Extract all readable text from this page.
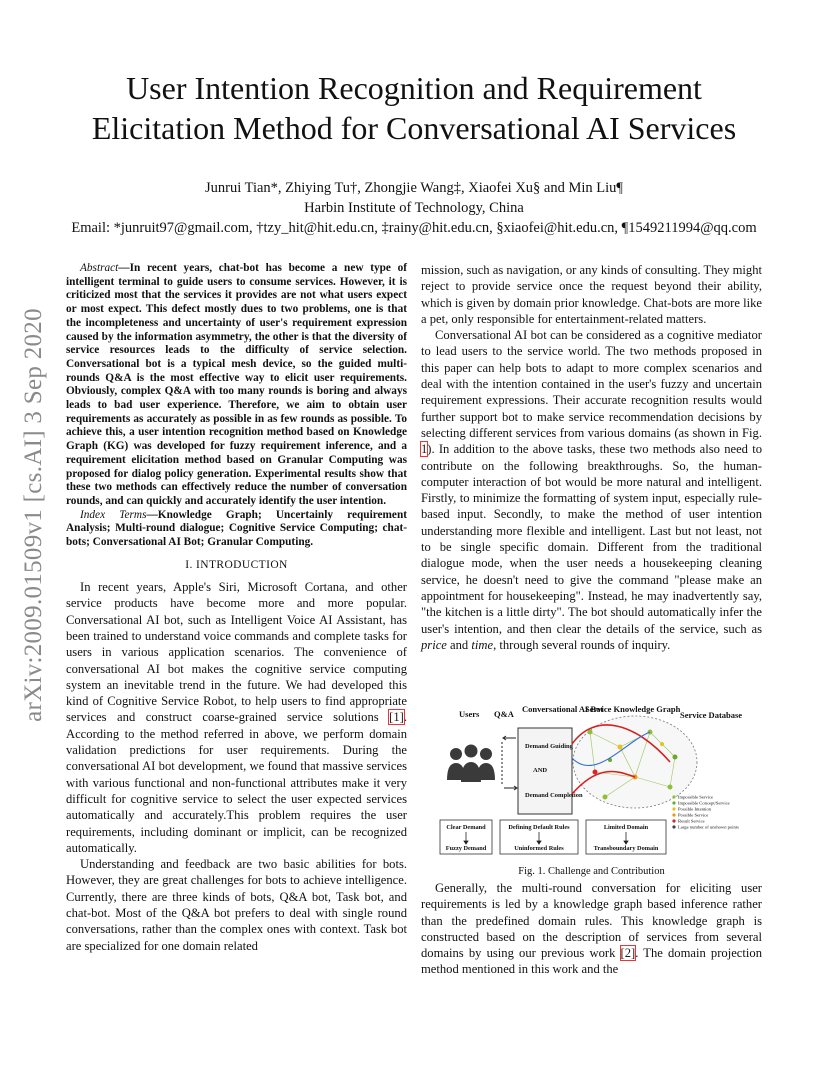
arXiv:2009.01509v1 [cs.AI] 3 Sep 2020
User Intention Recognition and Requirement
Elicitation Method for Conversational AI Services
Junrui Tian*, Zhiying Tu†, Zhongjie Wang‡, Xiaofei Xu§ and Min Liu¶
Harbin Institute of Technology, China
Email: *junruit97@gmail.com, †tzy_hit@hit.edu.cn, ‡rainy@hit.edu.cn, §xiaofei@hit.edu.cn, ¶1549211994@qq.com

Abstract—In recent years, chat-bot has become a new type of intelligent terminal to guide users to consume services. However, it is criticized most that the services it provides are not what users expect or most expect. This defect mostly dues to two problems, one is that the incompleteness and uncertainty of user's requirement expression caused by the information asymmetry, the other is that the diversity of service resources leads to the difficulty of service selection. Conversational bot is a typical mesh device, so the guided multi-rounds Q&A is the most effective way to elicit user requirements. Obviously, complex Q&A with too many rounds is boring and always leads to bad user experience. Therefore, we aim to obtain user requirements as accurately as possible in as few rounds as possible. To achieve this, a user intention recognition method based on Knowledge Graph (KG) was developed for fuzzy requirement inference, and a requirement elicitation method based on Granular Computing was proposed for dialog policy generation. Experimental results show that these two methods can effectively reduce the number of conversation rounds, and can quickly and accurately identify the user intention.

Index Terms—Knowledge Graph; Uncertainly requirement Analysis; Multi-round dialogue; Cognitive Service Computing; chat-bots; Conversational AI Bot; Granular Computing.

I. INTRODUCTION

In recent years, Apple's Siri, Microsoft Cortana, and other service products have become more and more popular. Conversational AI bot, such as Intelligent Voice AI Assistant, has been trained to understand voice commands and complete tasks for users in various application scenarios. The convenience of conversational AI bot makes the cognitive service computing system an inevitable trend in the future. We had developed this kind of Cognitive Service Robot, to help users to find appropriate services and construct coarse-grained service solutions [1]. According to the method referred in above, we perform domain validation predictions for user requirements. During the conversational AI bot development, we found that massive services with various functional and non-functional attributes make it very difficult for cognitive service to select the user expected services automatically and accurately.This problem requires the user requirements, including dominant or implicit, can be recognized automatically.

Understanding and feedback are two basic abilities for bots. However, they are great challenges for bots to achieve intelligence. Currently, there are three kinds of bots, Q&A bot, Task bot, and chat-bot. Most of the Q&A bot prefers to deal with single round conversations, rather than the complex ones with context. Task bot are specialized for one domain related

mission, such as navigation, or any kinds of consulting. They might reject to provide service once the request beyond their ability, which is given by domain prior knowledge. Chat-bots are more like a pet, only responsible for entertainment-related matters.

Conversational AI bot can be considered as a cognitive mediator to lead users to the service world. The two methods proposed in this paper can help bots to adapt to more complex scenarios and deal with the intention contained in the user's fuzzy and uncertain requirement expressions. Their accurate recognition results would further support bot to make service recommendation decisions by selecting different services from various domains (as shown in Fig. 1). In addition to the above tasks, these two methods also need to contribute on the following breakthroughs. So, the human-computer interaction of bot would be more natural and intelligent. Firstly, to minimize the formatting of system input, especially rule-based input. Secondly, to make the method of user intention understanding more flexible and intelligent. Last but not least, not to be single specific domain. Different from the traditional dialogue mode, when the user needs a housekeeping cleaning service, he doesn't need to give the command "please make an appointment for housekeeping". Instead, he may inadvertently say, "the kitchen is a little dirty". The bot should automatically infer the user's intention, and then clear the details of the service, such as price and time, through several rounds of inquiry.

Users Q&A Conversational AI Bot
Service Knowledge Graph
Service Database
Demand Guiding
AND
Demand Completion	Impossible Service
Impossible Concept/Service
Possible Intention
Possible Service
Result Service
Large number of unshown points
Clear Demand
Fuzzy Demand
Defining Default Rules
Uninformed Rules
Limited Domain
Transboundary Domain
Fig. 1. Challenge and Contribution

Generally, the multi-round conversation for eliciting user requirements is led by a knowledge graph based inference rather than the predefined domain rules. This knowledge graph is constructed based on the description of services from several domains by using our previous work [2]. The domain projection method mentioned in this work and the
